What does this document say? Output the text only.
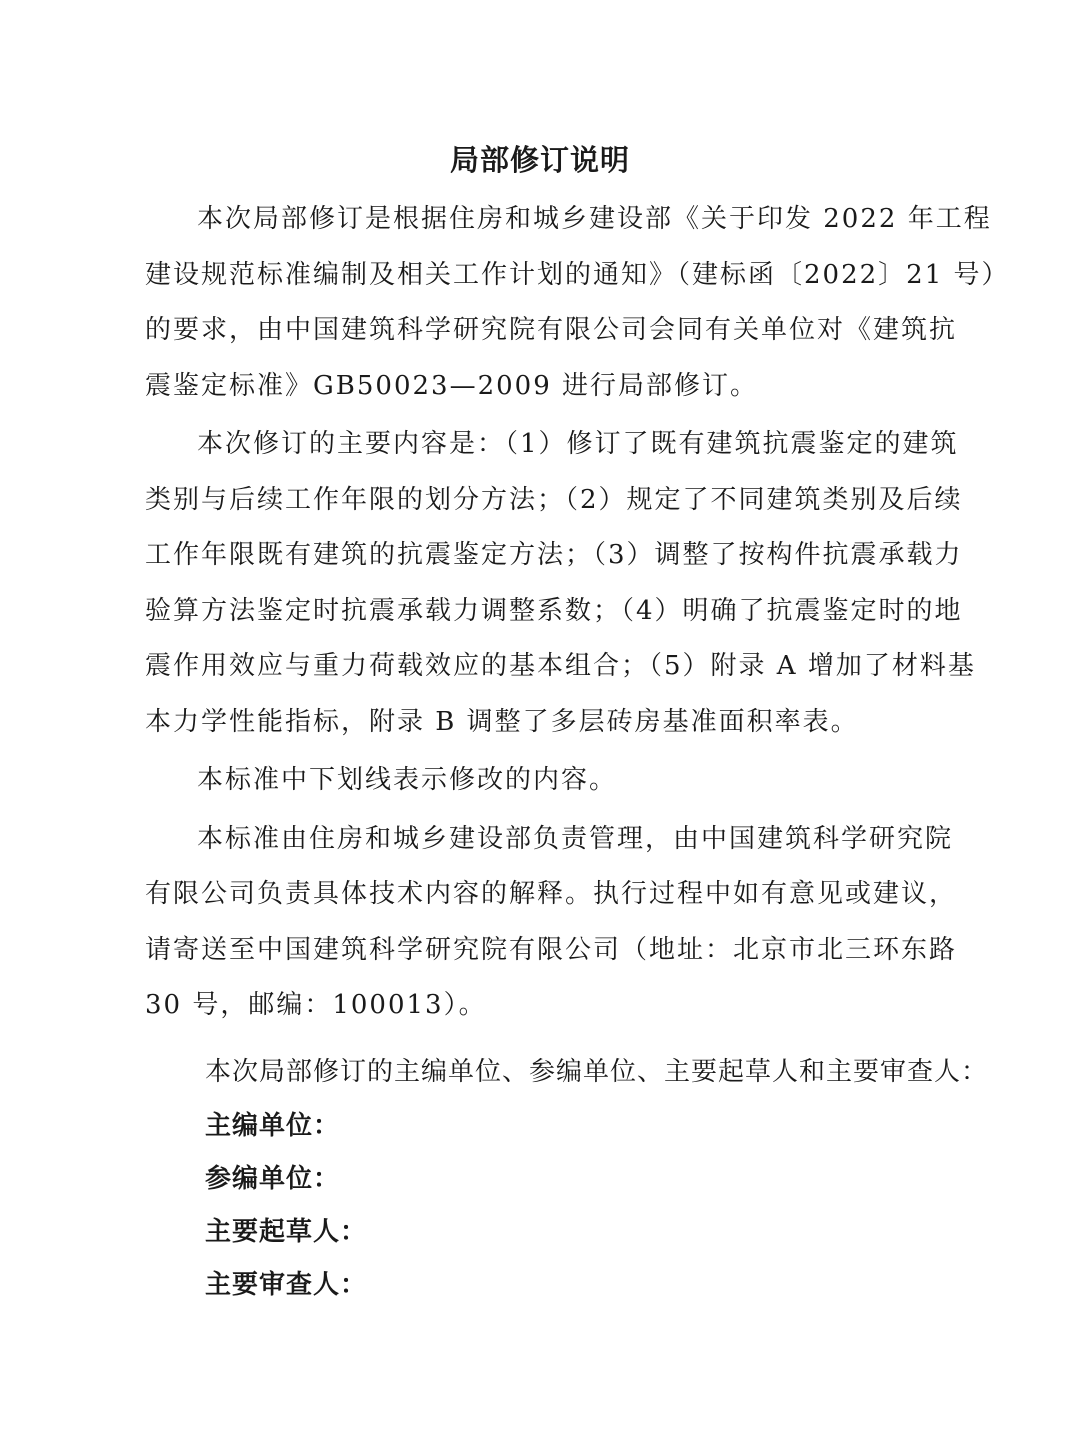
局部修订说明

本次局部修订是根据住房和城乡建设部《关于印发 2022 年工程
建设规范标准编制及相关工作计划的通知》（建标函〔2022〕21 号）
的要求，由中国建筑科学研究院有限公司会同有关单位对《建筑抗
震鉴定标准》GB50023—2009 进行局部修订。

本次修订的主要内容是：（1）修订了既有建筑抗震鉴定的建筑
类别与后续工作年限的划分方法；（2）规定了不同建筑类别及后续
工作年限既有建筑的抗震鉴定方法；（3）调整了按构件抗震承载力
验算方法鉴定时抗震承载力调整系数；（4）明确了抗震鉴定时的地
震作用效应与重力荷载效应的基本组合；（5）附录 A 增加了材料基
本力学性能指标，附录 B 调整了多层砖房基准面积率表。

本标准中下划线表示修改的内容。

本标准由住房和城乡建设部负责管理，由中国建筑科学研究院
有限公司负责具体技术内容的解释。执行过程中如有意见或建议，
请寄送至中国建筑科学研究院有限公司（地址：北京市北三环东路
30 号，邮编：100013）。

本次局部修订的主编单位、参编单位、主要起草人和主要审查人：
主编单位：
参编单位：
主要起草人：
主要审查人：
